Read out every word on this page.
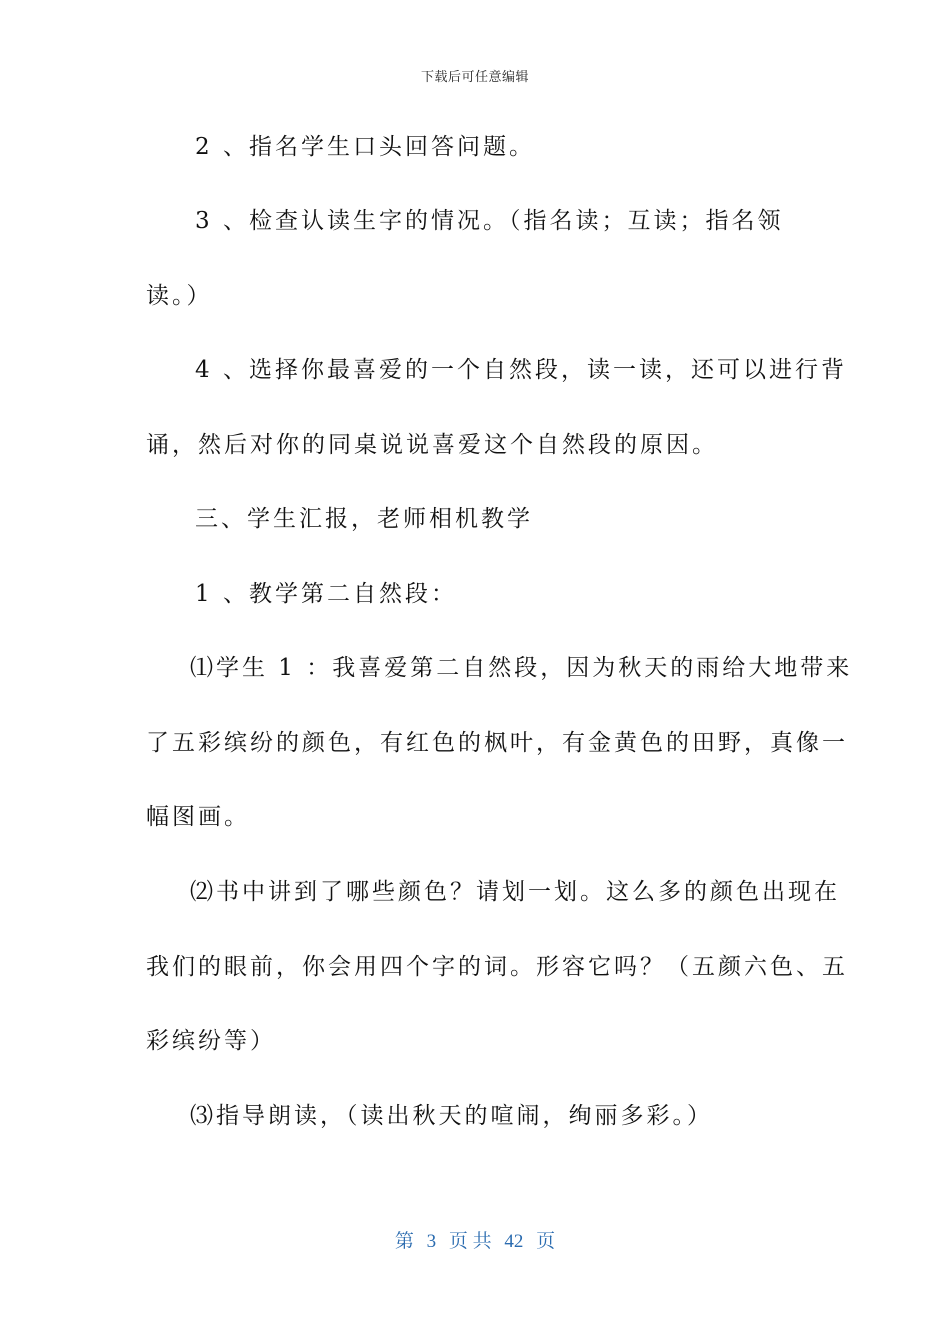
下载后可任意编辑
2 、指名学生口头回答问题。
3 、检查认读生字的情况。（指名读；互读；指名领
读。）
4 、选择你最喜爱的一个自然段，读一读，还可以进行背
诵，然后对你的同桌说说喜爱这个自然段的原因。
三、学生汇报，老师相机教学
1 、教学第二自然段：
⑴学生 1 ：我喜爱第二自然段，因为秋天的雨给大地带来
了五彩缤纷的颜色，有红色的枫叶，有金黄色的田野，真像一
幅图画。
⑵书中讲到了哪些颜色？请划一划。这么多的颜色出现在
我们的眼前，你会用四个字的词。形容它吗？（五颜六色、五
彩缤纷等）
⑶指导朗读，（读出秋天的喧闹，绚丽多彩。）
第 3 页 共 42 页
